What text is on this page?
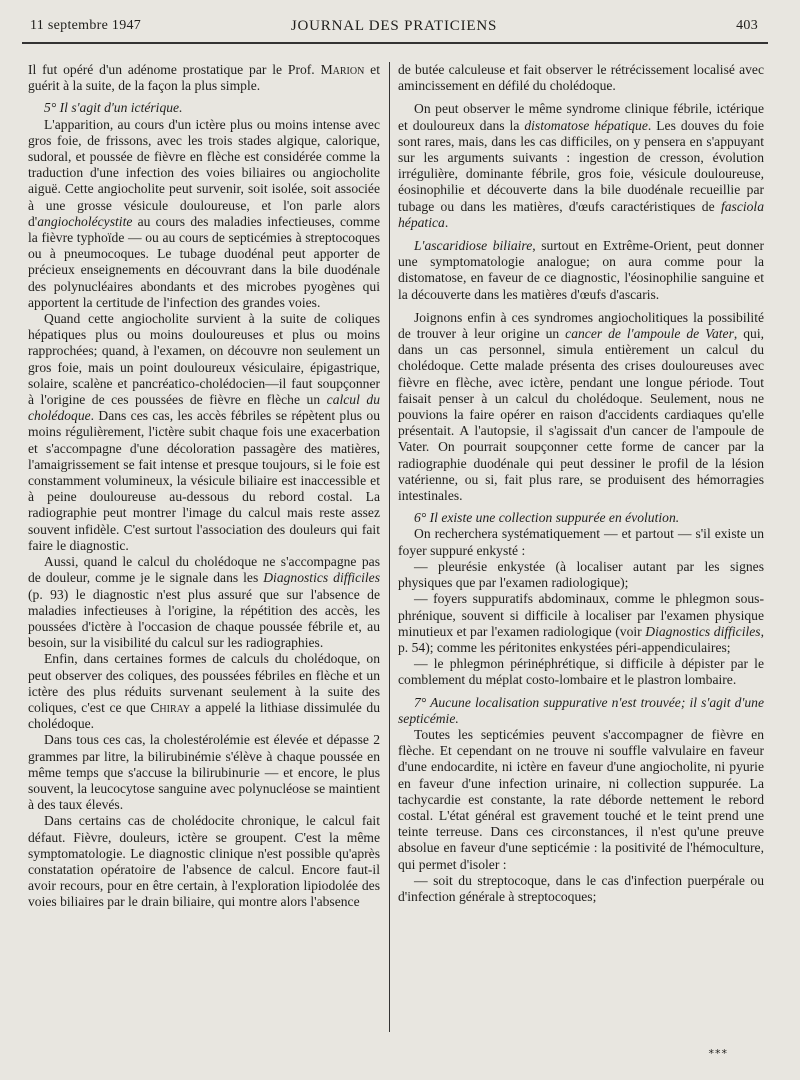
11 septembre 1947	JOURNAL DES PRATICIENS	403

Il fut opéré d'un adénome prostatique par le Prof. Marion et guérit à la suite, de la façon la plus simple.

5° Il s'agit d'un ictérique.

L'apparition, au cours d'un ictère plus ou moins intense avec gros foie, de frissons, avec les trois stades algique, calorique, sudoral, et poussée de fièvre en flèche est considérée comme la traduction d'une infection des voies biliaires ou angiocholite aiguë. Cette angiocholite peut survenir, soit isolée, soit associée à une grosse vésicule douloureuse, et l'on parle alors d'angiocholécystite au cours des maladies infectieuses, comme la fièvre typhoïde — ou au cours de septicémies à streptocoques ou à pneumocoques. Le tubage duodénal peut apporter de précieux enseignements en découvrant dans la bile duodénale des polynucléaires abondants et des microbes pyogènes qui apportent la certitude de l'infection des grandes voies.

Quand cette angiocholite survient à la suite de coliques hépatiques plus ou moins douloureuses et plus ou moins rapprochées; quand, à l'examen, on découvre non seulement un gros foie, mais un point douloureux vésiculaire, épigastrique, solaire, scalène et pancréatico-cholédocien—il faut soupçonner à l'origine de ces poussées de fièvre en flèche un calcul du cholédoque. Dans ces cas, les accès fébriles se répètent plus ou moins régulièrement, l'ictère subit chaque fois une exacerbation et s'accompagne d'une décoloration passagère des matières, l'amaigrissement se fait intense et presque toujours, si le foie est constamment volumineux, la vésicule biliaire est inaccessible et à peine douloureuse au-dessous du rebord costal. La radiographie peut montrer l'image du calcul mais reste assez souvent infidèle. C'est surtout l'association des douleurs qui fait faire le diagnostic.

Aussi, quand le calcul du cholédoque ne s'accompagne pas de douleur, comme je le signale dans les Diagnostics difficiles (p. 93) le diagnostic n'est plus assuré que sur l'absence de maladies infectieuses à l'origine, la répétition des accès, les poussées d'ictère à l'occasion de chaque poussée fébrile et, au besoin, sur la visibilité du calcul sur les radiographies.

Enfin, dans certaines formes de calculs du cholédoque, on peut observer des coliques, des poussées fébriles en flèche et un ictère des plus réduits survenant seulement à la suite des coliques, c'est ce que Chiray a appelé la lithiase dissimulée du cholédoque.

Dans tous ces cas, la cholestérolémie est élevée et dépasse 2 grammes par litre, la bilirubinémie s'élève à chaque poussée en même temps que s'accuse la bilirubinurie — et encore, le plus souvent, la leucocytose sanguine avec polynucléose se maintient à des taux élevés.

Dans certains cas de cholédocite chronique, le calcul fait défaut. Fièvre, douleurs, ictère se groupent. C'est la même symptomatologie. Le diagnostic clinique n'est possible qu'après constatation opératoire de l'absence de calcul. Encore faut-il avoir recours, pour en être certain, à l'exploration lipiodolée des voies biliaires par le drain biliaire, qui montre alors l'absence

de butée calculeuse et fait observer le rétrécissement localisé avec amincissement en défilé du cholédoque.

On peut observer le même syndrome clinique fébrile, ictérique et douloureux dans la distomatose hépatique. Les douves du foie sont rares, mais, dans les cas difficiles, on y pensera en s'appuyant sur les arguments suivants : ingestion de cresson, évolution irrégulière, dominante fébrile, gros foie, vésicule douloureuse, éosinophilie et découverte dans la bile duodénale recueillie par tubage ou dans les matières, d'œufs caractéristiques de fasciola hépatica.

L'ascaridiose biliaire, surtout en Extrême-Orient, peut donner une symptomatologie analogue; on aura comme pour la distomatose, en faveur de ce diagnostic, l'éosinophilie sanguine et la découverte dans les matières d'œufs d'ascaris.

Joignons enfin à ces syndromes angiocholitiques la possibilité de trouver à leur origine un cancer de l'ampoule de Vater, qui, dans un cas personnel, simula entièrement un calcul du cholédoque. Cette malade présenta des crises douloureuses avec fièvre en flèche, avec ictère, pendant une longue période. Tout faisait penser à un calcul du cholédoque. Seulement, nous ne pouvions la faire opérer en raison d'accidents cardiaques qu'elle présentait. A l'autopsie, il s'agissait d'un cancer de l'ampoule de Vater. On pourrait soupçonner cette forme de cancer par la radiographie duodénale qui peut dessiner le profil de la lésion vatérienne, ou si, fait plus rare, se produisent des hémorragies intestinales.

6° Il existe une collection suppurée en évolution.

On recherchera systématiquement — et partout — s'il existe un foyer suppuré enkysté :

— pleurésie enkystée (à localiser autant par les signes physiques que par l'examen radiologique);

— foyers suppuratifs abdominaux, comme le phlegmon sous-phrénique, souvent si difficile à localiser par l'examen physique minutieux et par l'examen radiologique (voir Diagnostics difficiles, p. 54); comme les péritonites enkystées péri-appendiculaires;

— le phlegmon périnéphrétique, si difficile à dépister par le comblement du méplat costo-lombaire et le plastron lombaire.

7° Aucune localisation suppurative n'est trouvée; il s'agit d'une septicémie.

Toutes les septicémies peuvent s'accompagner de fièvre en flèche. Et cependant on ne trouve ni souffle valvulaire en faveur d'une endocardite, ni ictère en faveur d'une angiocholite, ni pyurie en faveur d'une infection urinaire, ni collection suppurée. La tachycardie est constante, la rate déborde nettement le rebord costal. L'état général est gravement touché et le teint prend une teinte terreuse. Dans ces circonstances, il n'est qu'une preuve absolue en faveur d'une septicémie : la positivité de l'hémoculture, qui permet d'isoler :

— soit du streptocoque, dans le cas d'infection puerpérale ou d'infection générale à streptocoques;

***
